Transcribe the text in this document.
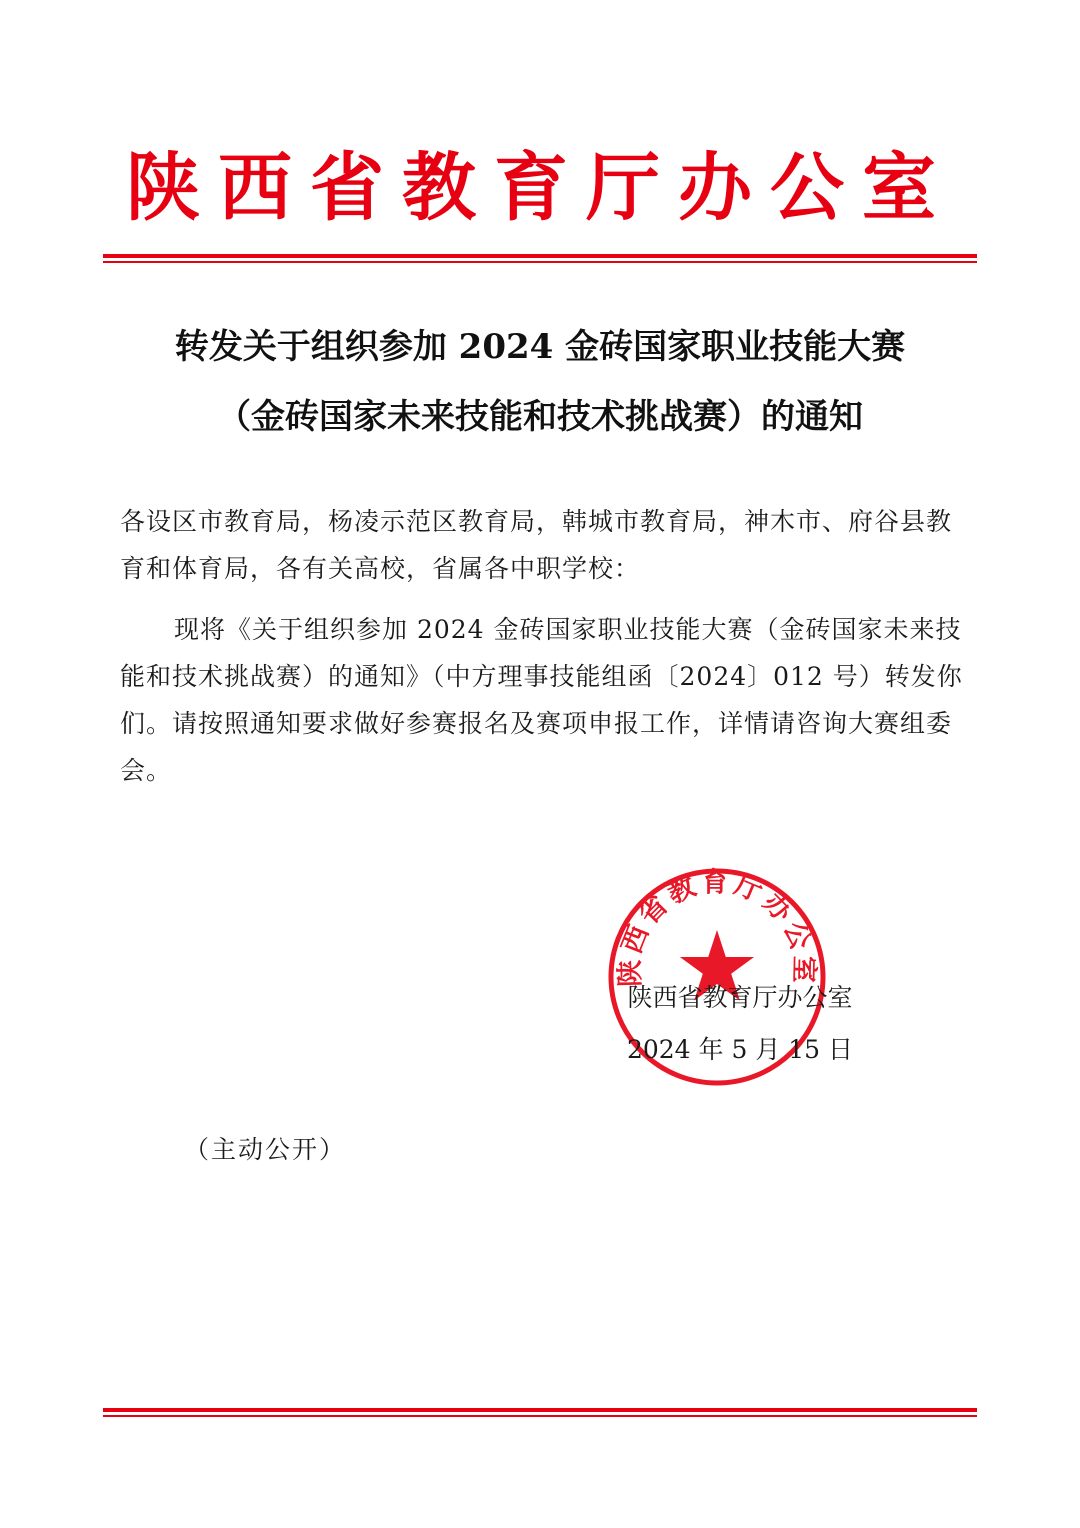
陕西省教育厅办公室
转发关于组织参加 2024 金砖国家职业技能大赛
（金砖国家未来技能和技术挑战赛）的通知
各设区市教育局，杨凌示范区教育局，韩城市教育局，神木市、府谷县教育和体育局，各有关高校，省属各中职学校：
现将《关于组织参加 2024 金砖国家职业技能大赛（金砖国家未来技能和技术挑战赛）的通知》（中方理事技能组函〔2024〕012 号）转发你们。请按照通知要求做好参赛报名及赛项申报工作，详情请咨询大赛组委会。
陕西省教育厅办公室
陕西省教育厅办公室
2024 年 5 月 15 日
（主动公开）
